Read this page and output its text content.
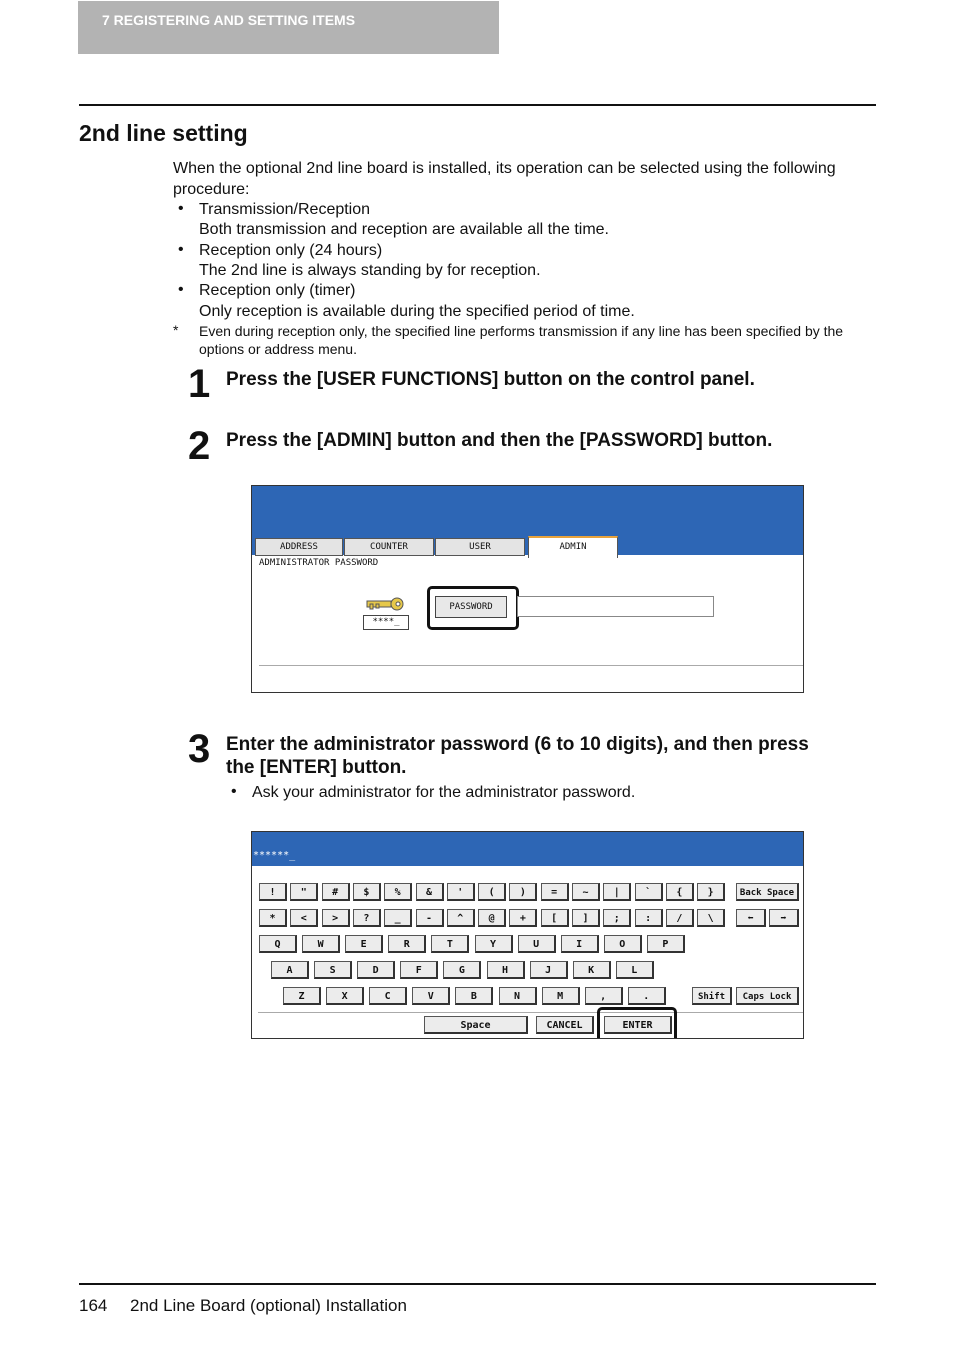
7 REGISTERING AND SETTING ITEMS
2nd line setting
When the optional 2nd line board is installed, its operation can be selected using the following
procedure:
• Transmission/Reception
Both transmission and reception are available all the time.
• Reception only (24 hours)
The 2nd line is always standing by for reception.
• Reception only (timer)
Only reception is available during the specified period of time.
* Even during reception only, the specified line performs transmission if any line has been specified by the
options or address menu.
1 Press the [USER FUNCTIONS] button on the control panel.
2 Press the [ADMIN] button and then the [PASSWORD] button.
ADDRESS	COUNTER	USER	ADMIN
ADMINISTRATOR PASSWORD
****_
PASSWORD
3 Enter the administrator password (6 to 10 digits), and then press
the [ENTER] button.
• Ask your administrator for the administrator password.
******_
!	"	#	$	%	&	'	(	)	=	~	|	`	{	}
*	<	>	?	_	-	^	@	+	[	]	;	:	/	\
Q	W	E	R	T	Y	U	I	O	P
A	S	D	F	G	H	J	K	L
Z	X	C	V	B	N	M	,	.
Back Space
⬅	➡
Shift	Caps Lock
Space	CANCEL	ENTER
164 2nd Line Board (optional) Installation
